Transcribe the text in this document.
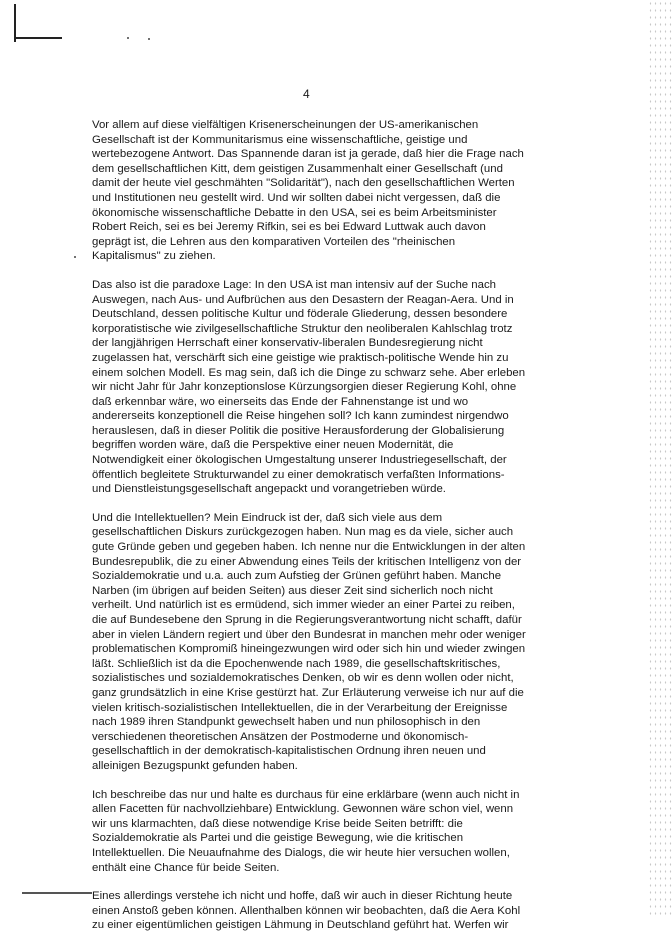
4

Vor allem auf diese vielfältigen Krisenerscheinungen der US-amerikanischen
Gesellschaft ist der Kommunitarismus eine wissenschaftliche, geistige und
wertebezogene Antwort. Das Spannende daran ist ja gerade, daß hier die Frage nach
dem gesellschaftlichen Kitt, dem geistigen Zusammenhalt einer Gesellschaft (und
damit der heute viel geschmähten "Solidarität"), nach den gesellschaftlichen Werten
und Institutionen neu gestellt wird. Und wir sollten dabei nicht vergessen, daß die
ökonomische wissenschaftliche Debatte in den USA, sei es beim Arbeitsminister
Robert Reich, sei es bei Jeremy Rifkin, sei es bei Edward Luttwak auch davon
geprägt ist, die Lehren aus den komparativen Vorteilen des "rheinischen
Kapitalismus" zu ziehen.

Das also ist die paradoxe Lage: In den USA ist man intensiv auf der Suche nach
Auswegen, nach Aus- und Aufbrüchen aus den Desastern der Reagan-Aera. Und in
Deutschland, dessen politische Kultur und föderale Gliederung, dessen besondere
korporatistische wie zivilgesellschaftliche Struktur den neoliberalen Kahlschlag trotz
der langjährigen Herrschaft einer konservativ-liberalen Bundesregierung nicht
zugelassen hat, verschärft sich eine geistige wie praktisch-politische Wende hin zu
einem solchen Modell. Es mag sein, daß ich die Dinge zu schwarz sehe. Aber erleben
wir nicht Jahr für Jahr konzeptionslose Kürzungsorgien dieser Regierung Kohl, ohne
daß erkennbar wäre, wo einerseits das Ende der Fahnenstange ist und wo
andererseits konzeptionell die Reise hingehen soll? Ich kann zumindest nirgendwo
herauslesen, daß in dieser Politik die positive Herausforderung der Globalisierung
begriffen worden wäre, daß die Perspektive einer neuen Modernität, die
Notwendigkeit einer ökologischen Umgestaltung unserer Industriegesellschaft, der
öffentlich begleitete Strukturwandel zu einer demokratisch verfaßten Informations-
und Dienstleistungsgesellschaft angepackt und vorangetrieben würde.

Und die Intellektuellen? Mein Eindruck ist der, daß sich viele aus dem
gesellschaftlichen Diskurs zurückgezogen haben. Nun mag es da viele, sicher auch
gute Gründe geben und gegeben haben. Ich nenne nur die Entwicklungen in der alten
Bundesrepublik, die zu einer Abwendung eines Teils der kritischen Intelligenz von der
Sozialdemokratie und u.a. auch zum Aufstieg der Grünen geführt haben. Manche
Narben (im übrigen auf beiden Seiten) aus dieser Zeit sind sicherlich noch nicht
verheilt. Und natürlich ist es ermüdend, sich immer wieder an einer Partei zu reiben,
die auf Bundesebene den Sprung in die Regierungsverantwortung nicht schafft, dafür
aber in vielen Ländern regiert und über den Bundesrat in manchen mehr oder weniger
problematischen Kompromiß hineingezwungen wird oder sich hin und wieder zwingen
läßt. Schließlich ist da die Epochenwende nach 1989, die gesellschaftskritisches,
sozialistisches und sozialdemokratisches Denken, ob wir es denn wollen oder nicht,
ganz grundsätzlich in eine Krise gestürzt hat. Zur Erläuterung verweise ich nur auf die
vielen kritisch-sozialistischen Intellektuellen, die in der Verarbeitung der Ereignisse
nach 1989 ihren Standpunkt gewechselt haben und nun philosophisch in den
verschiedenen theoretischen Ansätzen der Postmoderne und ökonomisch-
gesellschaftlich in der demokratisch-kapitalistischen Ordnung ihren neuen und
alleinigen Bezugspunkt gefunden haben.

Ich beschreibe das nur und halte es durchaus für eine erklärbare (wenn auch nicht in
allen Facetten für nachvollziehbare) Entwicklung. Gewonnen wäre schon viel, wenn
wir uns klarmachten, daß diese notwendige Krise beide Seiten betrifft: die
Sozialdemokratie als Partei und die geistige Bewegung, wie die kritischen
Intellektuellen. Die Neuaufnahme des Dialogs, die wir heute hier versuchen wollen,
enthält eine Chance für beide Seiten.

Eines allerdings verstehe ich nicht und hoffe, daß wir auch in dieser Richtung heute
einen Anstoß geben können. Allenthalben können wir beobachten, daß die Aera Kohl
zu einer eigentümlichen geistigen Lähmung in Deutschland geführt hat. Werfen wir
